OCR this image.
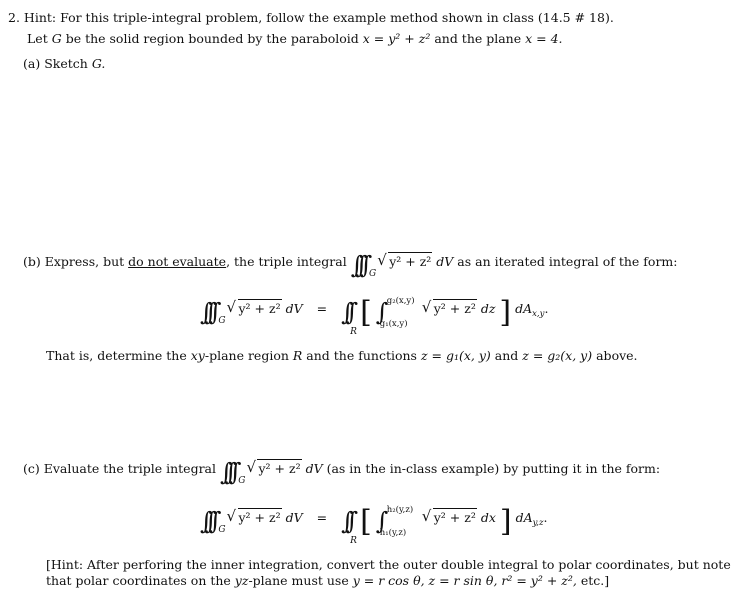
2. Hint: For this triple-integral problem, follow the example method shown in class (14.5 # 18).
Let G be the solid region bounded by the paraboloid x = y² + z² and the plane x = 4.
(a) Sketch G.
(b) Express, but do not evaluate, the triple integral ∫∫∫ G
√ y² + z² dV as an iterated integral of the form:
∫∫∫ G
√ y² + z² dV = ∫∫
R
[ ∫
g₂(x,y)
g₁(x,y)
√ y² + z² dz ] $dA_{x,y}$.
That is, determine the xy-plane region R and the functions z = g₁(x, y) and z = g₂(x, y) above.
(c) Evaluate the triple integral ∫∫∫ G
√ y² + z² dV (as in the in-class example) by putting it in the form:
∫∫∫ G
√ y² + z² dV = ∫∫
R
[ ∫
h₂(y,z)
h₁(y,z)
√ y² + z² dx ] $dA_{y,z}$.
[Hint: After perforing the inner integration, convert the outer double integral to polar coordinates, but note
that polar coordinates on the yz-plane must use y = r cos θ, z = r sin θ, r² = y² + z², etc.]
